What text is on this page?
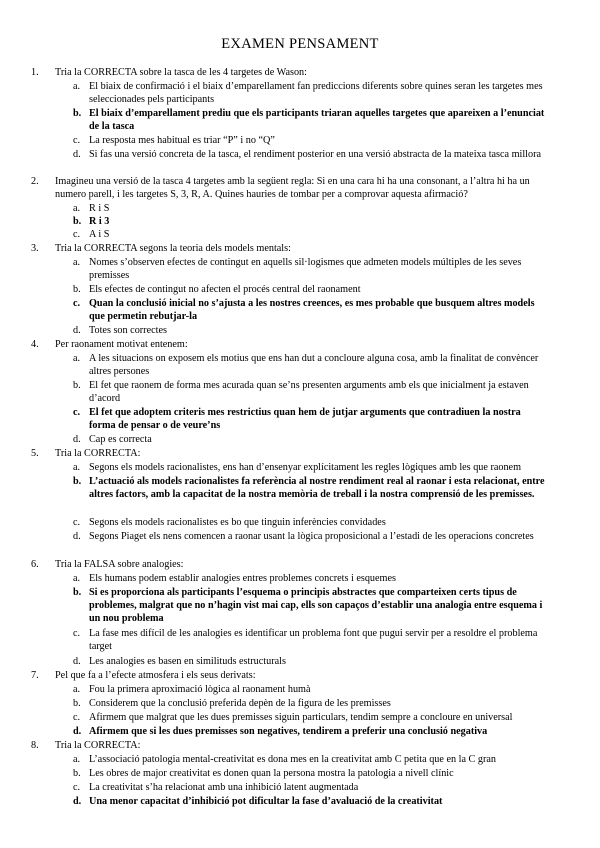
EXAMEN PENSAMENT
1. Tria la CORRECTA sobre la tasca de les 4 targetes de Wason:
a. El biaix de confirmació i el biaix d’emparellament fan prediccions diferents sobre quines seran les targetes mes seleccionades pels participants
b. El biaix d’emparellament prediu que els participants triaran aquelles targetes que apareixen a l’enunciat de la tasca
c. La resposta mes habitual es triar “P” i no “Q”
d. Si fas una versió concreta de la tasca, el rendiment posterior en una versió abstracta de la mateixa tasca millora
2. Imagineu una versió de la tasca 4 targetes amb la següent regla: Si en una cara hi ha una consonant, a l’altra hi ha un numero parell, i les targetes S, 3, R, A. Quines hauries de tombar per a comprovar aquesta afirmació?
a. R i S
b. R i 3
c. A i S
3. Tria la CORRECTA segons la teoria dels models mentals:
a. Nomes s’observen efectes de contingut en aquells sil·logismes que admeten models múltiples de les seves premisses
b. Els efectes de contingut no afecten el procés central del raonament
c. Quan la conclusió inicial no s’ajusta a les nostres creences, es mes probable que busquem altres models que permetin rebutjar-la
d. Totes son correctes
4. Per raonament motivat entenem:
a. A les situacions on exposem els motius que ens han dut a concloure alguna cosa, amb la finalitat de convèncer altres persones
b. El fet que raonem de forma mes acurada quan se’ns presenten arguments amb els que inicialment ja estaven d’acord
c. El fet que adoptem criteris mes restrictius quan hem de jutjar arguments que contradiuen la nostra forma de pensar o de veure’ns
d. Cap es correcta
5. Tria la CORRECTA:
a. Segons els models racionalistes, ens han d’ensenyar explícitament les regles lògiques amb les que raonem
b. L’actuació als models racionalistes fa referència al nostre rendiment real al raonar i esta relacionat, entre altres factors, amb la capacitat de la nostra memòria de treball i la nostra comprensió de les premisses.
c. Segons els models racionalistes es bo que tinguin inferències convidades
d. Segons Piaget els nens comencen a raonar usant la lògica proposicional a l’estadi de les operacions concretes
6. Tria la FALSA sobre analogies:
a. Els humans podem establir analogies entres problemes concrets i esquemes
b. Si es proporciona als participants l’esquema o principis abstractes que comparteixen certs tipus de problemes, malgrat que no n’hagin vist mai cap, ells son capaços d’establir una analogia entre esquema i un nou problema
c. La fase mes difícil de les analogies es identificar un problema font que pugui servir per a resoldre el problema target
d. Les analogies es basen en similituds estructurals
7. Pel que fa a l’efecte atmosfera i els seus derivats:
a. Fou la primera aproximació lògica al raonament humà
b. Considerem que la conclusió preferida depèn de la figura de les premisses
c. Afirmem que malgrat que les dues premisses siguin particulars, tendim sempre a concloure en universal
d. Afirmem que si les dues premisses son negatives, tendirem a preferir una conclusió negativa
8. Tria la CORRECTA:
a. L’associació patologia mental-creativitat es dona mes en la creativitat amb C petita que en la C gran
b. Les obres de major creativitat es donen quan la persona mostra la patologia a nivell clínic
c. La creativitat s’ha relacionat amb una inhibició latent augmentada
d. Una menor capacitat d’inhibició pot dificultar la fase d’avaluació de la creativitat
